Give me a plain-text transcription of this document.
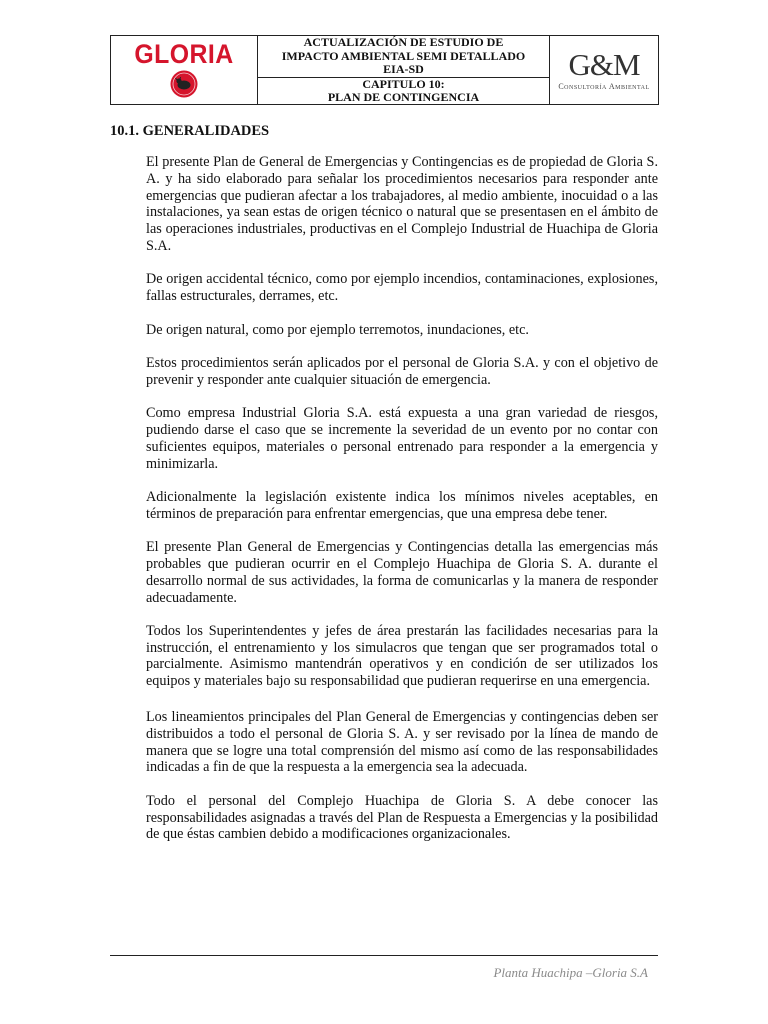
GLORIA	ACTUALIZACIÓN DE ESTUDIO DE
IMPACTO AMBIENTAL SEMI DETALLADO
EIA-SD
CAPITULO 10:
PLAN DE CONTINGENCIA
G&M
Consultoría Ambiental
10.1. GENERALIDADES

El presente Plan de General de Emergencias y Contingencias es de propiedad de Gloria S. A. y ha sido elaborado para señalar los procedimientos necesarios para responder ante emergencias que pudieran afectar a los trabajadores, al medio ambiente, inocuidad o a las instalaciones, ya sean estas de origen técnico o natural que se presentasen en el ámbito de las operaciones industriales, productivas en el Complejo Industrial de Huachipa de Gloria S.A.

De origen accidental técnico, como por ejemplo incendios, contaminaciones, explosiones, fallas estructurales, derrames, etc.

De origen natural, como por ejemplo terremotos, inundaciones, etc.

Estos procedimientos serán aplicados por el personal de Gloria S.A. y con el objetivo de prevenir y responder ante cualquier situación de emergencia.

Como empresa Industrial Gloria S.A. está expuesta a una gran variedad de riesgos, pudiendo darse el caso que se incremente la severidad de un evento por no contar con suficientes equipos, materiales o personal entrenado para responder a la emergencia y minimizarla.

Adicionalmente la legislación existente indica los mínimos niveles aceptables, en términos de preparación para enfrentar emergencias, que una empresa debe tener.

El presente Plan General de Emergencias y Contingencias detalla las emergencias más probables que pudieran ocurrir en el Complejo Huachipa de Gloria S. A. durante el desarrollo normal de sus actividades, la forma de comunicarlas y la manera de responder adecuadamente.

Todos los Superintendentes y jefes de área prestarán las facilidades necesarias para la instrucción, el entrenamiento y los simulacros que tengan que ser programados total o parcialmente. Asimismo mantendrán operativos y en condición de ser utilizados los equipos y materiales bajo su responsabilidad que pudieran requerirse en una emergencia.

Los lineamientos principales del Plan General de Emergencias y contingencias deben ser distribuidos a todo el personal de Gloria S. A. y ser revisado por la línea de mando de manera que se logre una total comprensión del mismo así como de las responsabilidades indicadas a fin de que la respuesta a la emergencia sea la adecuada.

Todo el personal del Complejo Huachipa de Gloria S. A debe conocer las responsabilidades asignadas a través del Plan de Respuesta a Emergencias y la posibilidad de que éstas cambien debido a modificaciones organizacionales.

Planta Huachipa –Gloria S.A
